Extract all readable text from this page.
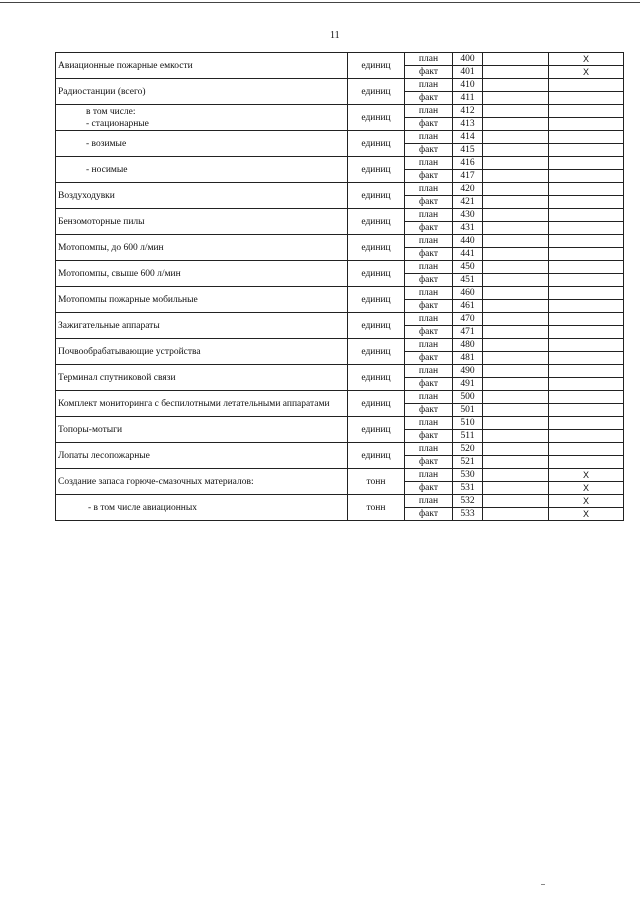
11
Авиационные пожарные емкости	единиц	план	400		X
		факт	401		X
Радиостанции (всего)	единиц	план	410		
		факт	411		
в том числе:
- стационарные	единиц	план	412		
		факт	413		
- возимые	единиц	план	414		
		факт	415		
- носимые	единиц	план	416		
		факт	417		
Воздуходувки	единиц	план	420		
		факт	421		
Бензомоторные пилы	единиц	план	430		
		факт	431		
Мотопомпы, до 600 л/мин	единиц	план	440		
		факт	441		
Мотопомпы, свыше 600 л/мин	единиц	план	450		
		факт	451		
Мотопомпы пожарные мобильные	единиц	план	460		
		факт	461		
Зажигательные аппараты	единиц	план	470		
		факт	471		
Почвообрабатывающие устройства	единиц	план	480		
		факт	481		
Терминал спутниковой связи	единиц	план	490		
		факт	491		
Комплект мониторинга с беспилотными летательными аппаратами	единиц	план	500		
		факт	501		
Топоры-мотыги	единиц	план	510		
		факт	511		
Лопаты лесопожарные	единиц	план	520		
		факт	521		
Создание запаса горюче-смазочных материалов:	тонн	план	530		X
		факт	531		X
- в том числе авиационных	тонн	план	532		X
		факт	533		X
